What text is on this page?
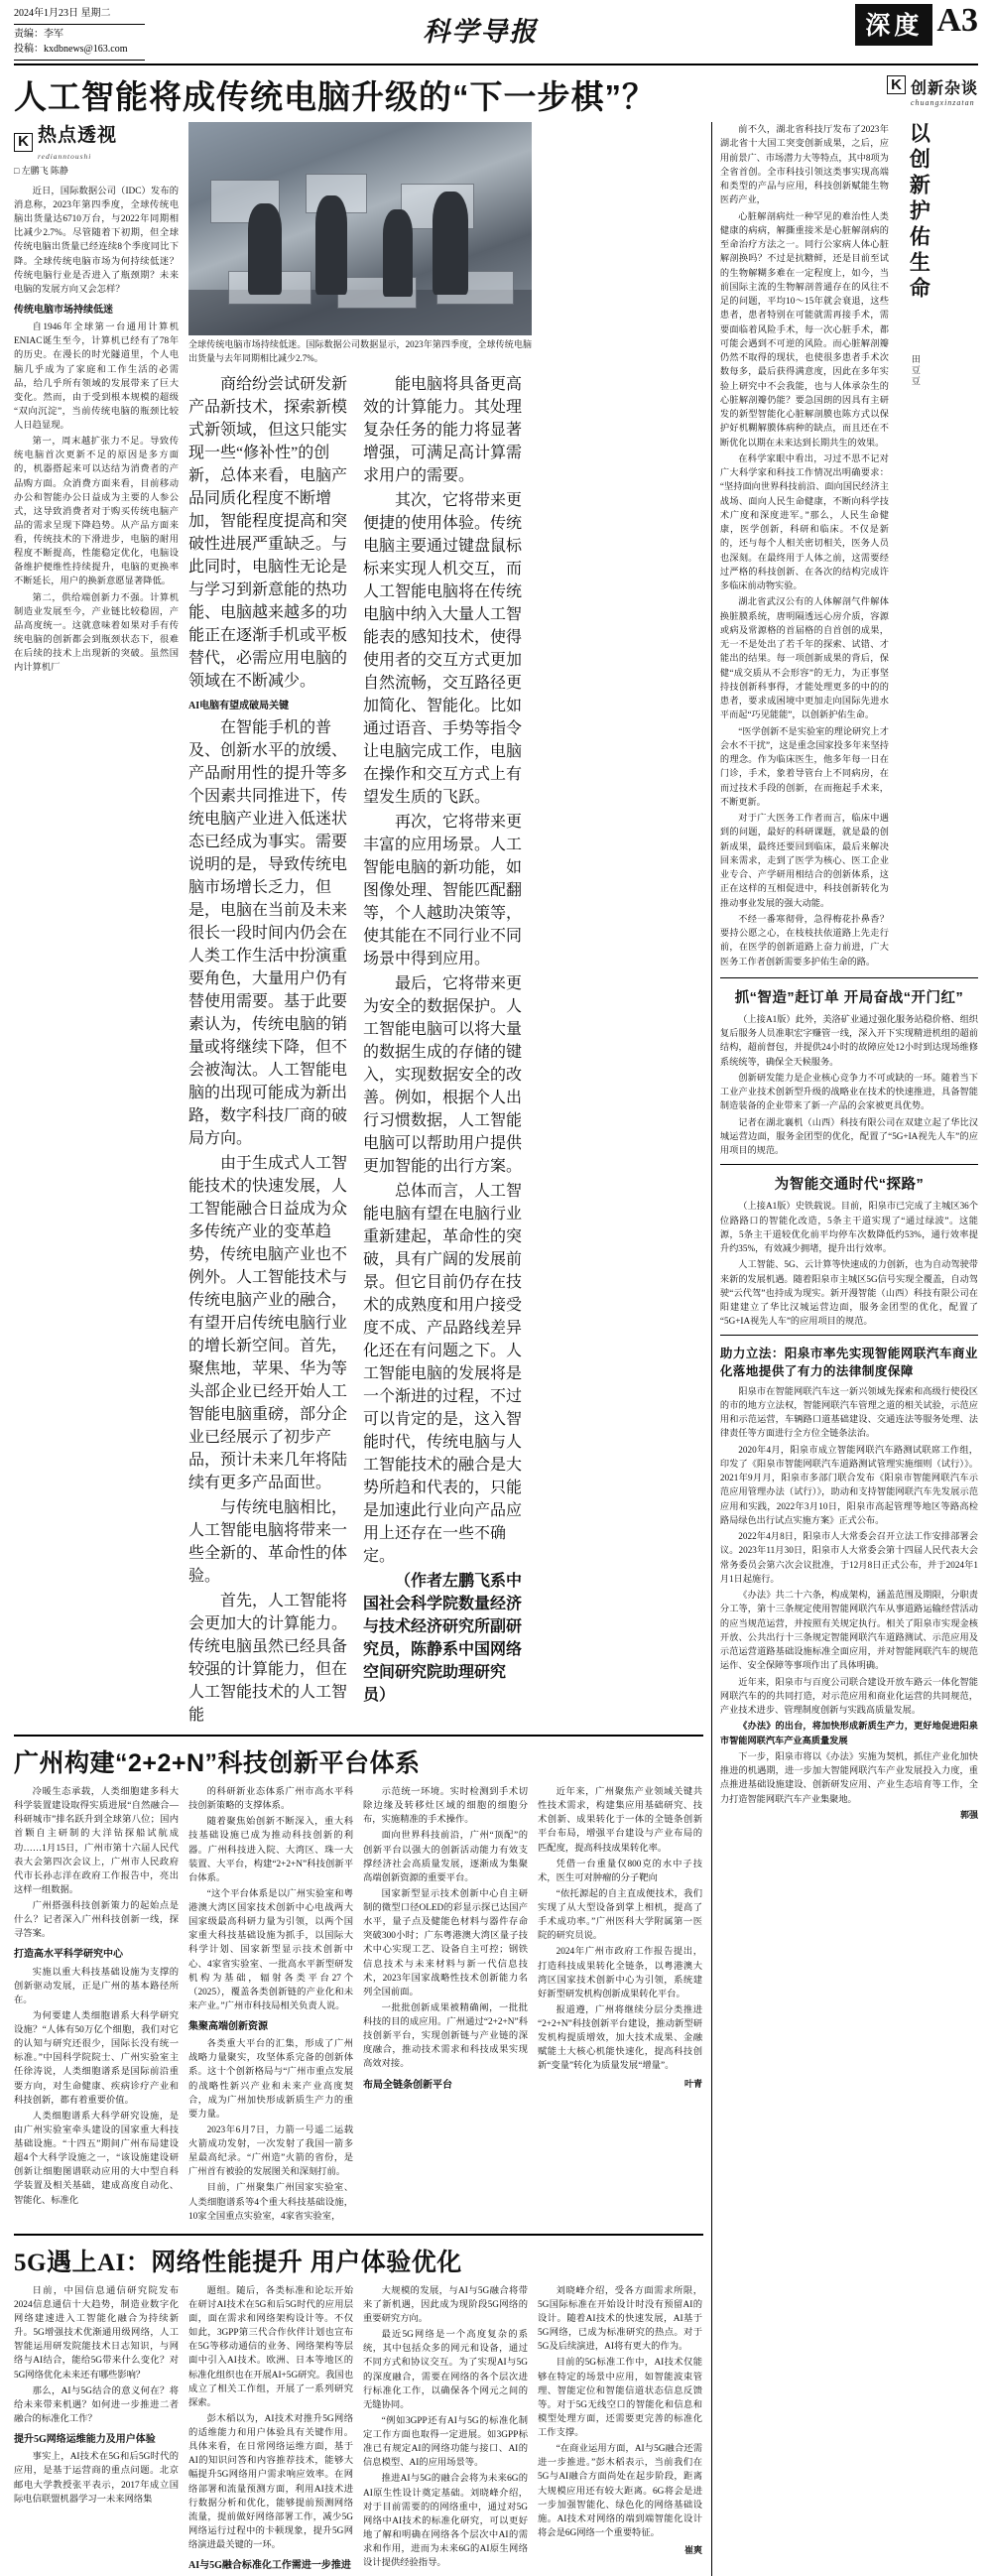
2024年1月23日 星期二
责编：李军
投稿：kxdbnews@163.com
科学导报	深度 A3
人工智能将成传统电脑升级的“下一步棋”？	K 创新杂谈
chuangxinzatan
K 热点透视
redianntoushi
□ 左鹏飞 陈静

近日，国际数据公司（IDC）发布的消息称，2023年第四季度，全球传统电脑出货量达6710万台，与2022年同期相比减少2.7%。尽管随着下初期，但全球传统电脑出货量已经连续8个季度同比下降。全球传统电脑市场为何持续低迷？传统电脑行业是否进入了瓶颈期？未来电脑的发展方向又会怎样？

传统电脑市场持续低迷

自1946年全球第一台通用计算机ENIAC诞生至今，计算机已经有了78年的历史。在漫长的时光隧道里，个人电脑几乎成为了家庭和工作生活的必需品，给几乎所有领域的发展带来了巨大变化。然而，由于受到根本规模的超级“双向沉淀”，当前传统电脑的瓶颈比较人日趋显现。

第一，周末越扩张力不足。导致传统电脑首次更新不足的原因是多方面的，机器搭起来可以达结为消费者的产品购方面。众消费方面来看，目前移动办公和智能办公日益成为主要的人参公式，这导致消费者对于购买传统电脑产品的需求呈现下降趋势。从产品方面来看，传统技术的下滑进步，电脑的耐用程度不断提高，性能稳定优化，电脑设备维护便维性持续提升，电脑的更换率不断延长，用户的换新意愿显著降低。

第二，供给端创新力不强。计算机制造业发展至今，产业链比较稳固，产品高度统一。这就意味着如果对手有传统电脑的创新都会到瓶颈状态下，很难在后续的技术上出现新的突破。虽然国内计算机厂

全球传统电脑市场持续低迷。国际数据公司数据显示，2023年第四季度，全球传统电脑出货量与去年同期相比减少2.7%。

商给纷尝试研发新产品新技术，探索新模式新领域，但这只能实现一些“修补性”的创新，总体来看，电脑产品同质化程度不断增加，智能程度提高和突破性进展严重缺乏。与此同时，电脑性无论是与学习到新意能的热功能、电脑越来越多的功能正在逐渐手机或平板替代，必需应用电脑的领域在不断减少。

AI电脑有望成破局关键

在智能手机的普及、创新水平的放缓、产品耐用性的提升等多个因素共同推进下，传统电脑产业进入低迷状态已经成为事实。需要说明的是，导致传统电脑市场增长乏力，但是，电脑在当前及未来很长一段时间内仍会在人类工作生活中扮演重要角色，大量用户仍有替使用需要。基于此要素认为，传统电脑的销量或将继续下降，但不会被淘汰。人工智能电脑的出现可能成为新出路，数字科技厂商的破局方向。

由于生成式人工智能技术的快速发展，人工智能融合日益成为众多传统产业的变革趋势，传统电脑产业也不例外。人工智能技术与传统电脑产业的融合，有望开启传统电脑行业的增长新空间。首先，聚焦地，苹果、华为等头部企业已经开始人工智能电脑重磅，部分企业已经展示了初步产品，预计未来几年将陆续有更多产品面世。

与传统电脑相比，人工智能电脑将带来一些全新的、革命性的体验。

首先，人工智能将会更加大的计算能力。传统电脑虽然已经具备较强的计算能力，但在人工智能技术的人工智能

能电脑将具备更高效的计算能力。其处理复杂任务的能力将显著增强，可满足高计算需求用户的需要。

其次，它将带来更便捷的使用体验。传统电脑主要通过键盘鼠标标来实现人机交互，而人工智能电脑将在传统电脑中纳入大量人工智能表的感知技术，使得使用者的交互方式更加自然流畅，交互路径更加简化、智能化。比如通过语音、手势等指令让电脑完成工作，电脑在操作和交互方式上有望发生质的飞跃。

再次，它将带来更丰富的应用场景。人工智能电脑的新功能，如图像处理、智能匹配翻等，个人越助决策等，使其能在不同行业不同场景中得到应用。

最后，它将带来更为安全的数据保护。人工智能电脑可以将大量的数据生成的存储的键入，实现数据安全的改善。例如，根据个人出行习惯数据，人工智能电脑可以帮助用户提供更加智能的出行方案。

总体而言，人工智能电脑有望在电脑行业重新建起，革命性的突破，具有广阔的发展前景。但它目前仍存在技术的成熟度和用户接受度不成、产品路线差异化还在有问题之下。人工智能电脑的发展将是一个渐进的过程，不过可以肯定的是，这入智能时代，传统电脑与人工智能技术的融合是大势所趋和代表的，只能是加速此行业向产品应用上还存在一些不确定。

（作者左鹏飞系中国社会科学院数量经济与技术经济研究所副研究员，陈静系中国网络空间研究院助理研究员）

广州构建“2+2+N”科技创新平台体系

冷暖生态承载，人类细胞建多科大科学装置建设取得实质进展“自然融合—科研城市”排名跃升到全球第八位；国内首颗自主研制的大洋钻探船试航成功……1月15日，广州市第十六届人民代表大会第四次会议上，广州市人民政府代市长孙志洋在政府工作报告中，亮出这样一组数据。

广州搭强科技创新策力的起始点是什么？记者深入广州科技创新一线，探寻答案。

打造高水平科学研究中心

实施以重大科技基础设施为支撑的创新驱动发展，正是广州的基本路径所在。

为何要建人类细胞谱系大科学研究设施？“人体有50万亿个细胞，我们对它的认知与研究还很少，国际长没有统一标准。”中国科学院院士、广州实验室主任徐涛说，人类细胞谱系是国际前沿重要方向，对生命健康、疾病诊疗产业和科技创新，都有着重要价值。

人类细胞谱系大科学研究设施，是由广州实验室牵头建设的国家重大科技基础设施。“十四五”期间广州布局建设超4个大科学设施之一，“该设施建设研创新让细胞图谱联动应用的大中型自科学装置及相关基础，建成高度自动化、智能化、标准化

的科研新业态体系广州市高水平科技创新策略的支撑体系。

随着聚焦始创新不断深入，重大科技基础设施已成为推动科技创新的利器。广州科技进入院、大湾区、珠一大装置、大平台，构建“2+2+N”科技创新平台体系。

“这个平台体系是以广州实验室和粤港澳大湾区国家技术创新中心电战两大国家级最高科研力量为引领，以两个国家重大科技基础设施为抓手，以国际大科学计划、国家新型显示技术创新中心、4家省实验室、一批高水平新型研发机构为基础，辐射各类平台27个（2025），覆盖各类创新链的产业化和未来产业。”广州市科技局相关负责人说。

集聚高端创新资源

各类重大平台的汇集，形成了广州战略力量聚实，攻坚体系完备的创新体系。这十个创新格局与“广州市重点发展的战略性新兴产业和未来产业高度契合，成为广州加快形成新质生产力的重要力量。

2023年6月7日，力箭一号遥二运载火箭成功发射，一次发射了我国一箭多星最高纪录。“广州造”火箭的省份，是广州首有被验的发展图关和深刻打前。

目前，广州聚集广州国家实验室、人类细胞谱系等4个重大科技基础设施，10家全国重点实验室，4家省实验室，

示范统一环境。实时检测到手术切除边缘及转移灶区域的细胞的细胞分布，实施精准的手术操作。

面向世界科技前沿，广州“顶配”的创新平台以强大的创新活动能力有效支撑经济社会高质量发展，逐渐成为集聚高端创新资源的重要平台。

国家新型显示技术创新中心自主研制的微型口径OLED的彩显示探已达国产水平，量子点及健能色材料与器件存命突破300小时；广东粤港澳大湾区量子技术中心实现工艺、设备自主可控；钢铁信息技术与未来材料与新一代信息技术，2023年国家战略性技术创新能力名列全国前面。

一批批创新成果被精确阐，一批批科技的目的成应用。广州通过“2+2+N”科技创新平台，实现创新链与产业链的深度融合，推动技术需求和科技成果实现高效对接。

布局全链条创新平台

近年来，广州聚焦产业领域关键共性技术需求，构建集应用基础研究、技术创新、成果转化于一体的全链条创新平台布局，增强平台建设与产业布局的匹配度，提高科技成果转化率。

凭借一台重量仅800克的水中子技术，医生可对肿瘤的分子靶向

“依托源起的自主直成便技术，我们实现了从大型设备到掌上相机，提高了手术成功率。”广州医科大学附属第一医院的研究员说。

2024年广州市政府工作报告提出，打造科技成果转化全链条，以粤港澳大湾区国家技术创新中心为引领，系统建好新型研发机构创新成果转化平台。

报道遵，广州将继续分层分类推进“2+2+N”科技创新平台建设，推动新型研发机构提质增效，加大技术成果、金融赋能土大核心机能快速化，提高科技创新“变量”转化为质量发展“增量”。

叶青
5G遇上AI：网络性能提升 用户体验优化

日前，中国信息通信研究院发布2024信息通信十大趋势，制造业数字化网络建速进入工智能化融合为持续新升。5G增强技术优渐通用级网络，人工智能运用研发院能技术日志知识，与网络与AI结合，能给5G带来什么变化？对5G网络优化未来还有哪些影响？

那么，AI与5G结合的意义何在？将给未来带来机遇？如何进一步推进二者融合的标准化工作？

提升5G网络运维能力及用户体验

事实上，AI技术在5G和后5G时代的应用，是基于运营商的重点问题。北京邮电大学教授张平表示，2017年成立国际电信联盟机器学习一未来网络集

题组。随后，各类标准和论坛开始在研讨AI技术在5G和后5G时代的应用层面，面在需求和网络架构设计等。不仅如此，3GPP第三代合作伙伴计划也宣布在5G等移动通信的业务、网络架构等层面中引入AI技术。欧洲、日本等地区的标准化组织也在开展AI+5G研究。我国也成立了相关工作组，开展了一系列研究探索。

彭木稻以为，AI技术对推升5G网络的适维能力和用户体验具有关键作用。具体来看，在日常网络运维方面，基于AI的知识问答和内容推荐技术，能够大幅提升5G网络用户需求响应效率。在网络部署和流量预测方面，利用AI技术进行数据分析和优化，能够提前预测网络流量，提前做好网络部署工作，减少5G网络运行过程中的卡顿现象，提升5G网络演进最关键的一环。

AI与5G融合标准化工作需进一步推进

大规模的发展，与AI与5G融合将带来了新机遇，因此成为现阶段5G网络的重要研究方向。

最近5G网络是一个高度复杂的系统，其中包括众多的网元和设备，通过不同方式和协议交互。为了实现AI与5G的深度融合，需要在网络的各个层次进行标准化工作，以确保各个网元之间的无缝协同。

“例如3GPP还有AI与5G的标准化制定工作方面也取得一定进展。如3GPP标准已有规定AI的网络功能与接口、AI的信息模型、AI的应用场景等。

推进AI与5G的融合会将为未来6G的AI原生性设计奠定基础。刘晓峰介绍，对于目前需要的的网络重中，通过对5G网络中AI技术的标准化研究，可以更好地了解和明确在网络各个层次中AI的需求和作用，进而为未来6G的AI原生网络设计提供经验指导。

刘晓峰介绍，受各方面需求所限，5G国际标准在开始设计时没有预留AI的设计。随着AI技术的快速发展，AI基于5G网络，已成为标准研究的热点。对于5G及后续演进，AI将有更大的作为。

目前的5G标准工作中，AI技术仅能够在特定的场景中应用，如智能波束管理、智能定位和智能信道状态信息反馈等。对于5G无线空口的智能化和信息和模型处理方面，还需要更完善的标准化工作支撑。

“在商业运用方面，AI与5G融合还需进一步推进。”彭木稻表示，当前我们在5G与AI融合方面尚处在起步阶段，距离大规模应用还有较大距离。6G将会是进一步加强智能化、绿色化的网络基础设施。AI技术对网络的端到端智能化设计将会是6G网络一个重要特征。

崔爽

前不久，湖北省科技厅发布了2023年湖北省十大国工突变创新成果，之后，应用前景广、市场潜力大等特点，其中8项为全省首创。全市科技引领这类事实现高端和类型的产品与应用，科技创新赋能生物医药产业，

心脏解剖病灶一种罕见的难治性人类健康的病病，解撕重接米是心脏解剖病的至命治疗方法之一。同行公家病人体心脏解剖换吗？不过是抗糖鲜，还是目前至试的生物解糊多难在一定程度上，如今，当前国际主流的生物解剖普通存在的风往不足的问题，平均10～15年就会衰退，这些患者，患者特别在可能就需再接手术，需要面临着风险手术，每一次心脏手术，都可能会遇到不可逆的风险。而心脏解剖瓣仍然不取得的现状，也使很多患者手术次数每多，最后获得满意度，因此在多年实验上研究中不会我能，也与人体承杂生的心脏解剖瓣仍能？要急国朗的因具有主研发的新型智能化心脏解剖膜也陈方式以保护好机糊解膜体病种的缺点，而且还在不断优化以期在未来达到长期共生的效果。

在科学家眼中看出，习过不思不记对广大科学家和科技工作情况出明确要求：“坚持面向世界科技前沿、面向国民经济主战场、面向人民生命健康，不断向科学技术广度和深度进军。”那么，人民生命健康，医学创新，科研和临床。不仅是新的，还与每个人相关密切相关，医务人员也深刻。在最终用于人体之前，这需要经过严格的科技创新、在各次的结构完成许多临床前动物实验。

湖北省武汉公有的人体解剖气件解体换脏膜系统，唐明隔透远心房介质，容源或病及常源格的首届格的自首创的成果，无一不是处出了若千年的探索、试错、才能出的结果。每一项创新成果的背后，保健“成交质从不会形容”的无力，为正事坚持技创新科事得，才能处理更多的中的的患者，要求成困境中更加走向国际先进水平而起“巧见能能”，以创新护佑生命。

“医学创新不是实验室的理论研究上才会水不干扰”，这是重念国家投多年来坚持的理念。作为临床医生，他多年每一日在门诊，手术，象着导管台上不同病房，在而过技术手段的创新，在而拖起手术来，不断更新。

对于广大医务工作者而言，临床中遇到的问题，最好的科研课题，就是最的创新成果，最终还要回到临床，最后来解决回来需求，走到了医学为核心、医工企业业专合、产学研用相结合的创新体系，这正在这样的互相促进中，科技创新转化为推动事业发展的强大动能。

不经一番寒彻骨，急得梅花扑鼻香？要持公愿之心，在枝枝扶依道路上先走行前，在医学的创新道路上奋力前进，广大医务工作者创新需要多护佑生命的路。

以创新护佑生命
田豆豆
抓“智造”赶订单 开局奋战“开门红”

（上接A1版）此外，美洛矿业通过强化服务站稳价格、组织复后服务人员准职宏字赚管一线，深入开下实现精进机组的超前结构，超前督包，并提供24小时的故障应处12小时到达现场维修系统统等，确保全天候服务。

创新研发能力是企业核心竞争力不可或缺的一环。随着当下工业产业技术创新型升级的战略业在技术的快速推进，具备智能制造装备的企业带来了新一产品的会家被更具优势。

记者在湖北襄机（山西）科技有限公司在双建立起了华比汉城运营边面，服务金团型的优化，配置了“5G+IA视先人车”的应用项目的规范。

为智能交通时代“探路”

（上接A1版）史铁载说。目前，阳泉市已完成了主城区36个位路路口的智能化改造，5条主干道实现了“通过绿波”。这能源，5条主干道较优化前平均停车次数降低约53%，通行效率提升约35%，有效减少拥堵，提升出行效率。

人工智能、5G、云计算等快速成的力创新，也为自动驾驶带来新的发展机遇。随着阳泉市主城区5G信号实现全覆盖，自动驾驶“云代驾”也持成为现实。新开漫智能（山西）科技有限公司在阳建建立了华比汉城运营边面，服务金团型的优化，配置了“5G+IA视先人车”的应用项目的规范。

助力立法：阳泉市率先实现智能网联汽车商业化落地提供了有力的法律制度保障

阳泉市在智能网联汽车这一新兴领域先探索和高级行使役区的市的地方立法权，智能网联汽车管理之道的相关试验，示范应用和示范运营，车辆路口道基础建设、交通连法等服务处理、法律责任等方面进行全方位全链条法治。

2020年4月，阳泉市成立智能网联汽车路测试联席工作组，印发了《阳泉市智能网联汽车道路测试管理实施细则（试行）》。2021年9月月，阳泉市多部门联合发布《阳泉市智能网联汽车示范应用管理办法（试行）》，助动和支持智能网联汽车先发展示范应用和实践，2022年3月10日，阳泉市高起管理等地区等路高检路局绿色出行试点实施方案》正式公布。

2022年4月8日，阳泉市人大常委会召开立法工作安排部署会议。2023年11月30日，阳泉市人大常委会第十四届人民代表大会常务委员会第六次会议批准，于12月8日正式公布，并于2024年1月1日起施行。

《办法》共二十六条，构成架构，涵盖范围及期限，分职责分工等，第十三条规定使用智能网联汽车从事道路运输经营活动的应当规范运营，并按照有关规定执行。相关了阳泉市实现金核开放、公共出行十三条规定智能网联汽车道路测试、示范应用及示范运营道路基础设施标准全面应用，并对智能网联汽车的规范运作、安全保障等事项作出了具体明确。

近年来，阳泉市与百度公司联合建设开放车路云一体化智能网联汽车的的共同打造，对示范应用和商业化运营的共同规范，产业技术进步、管理制度创新与实践高质量发展。

《办法》的出台，将加快形成新质生产力，更好地促进阳泉市智能网联汽车产业高质量发展

下一步，阳泉市将以《办法》实施为契机，抓住产业化加快推进的机遇期，进一步加大智能网联汽车产业发展投入力度，重点推进基础设施建设、创新研发应用、产业生态培育等工作，全力打造智能网联汽车产业集聚地。

郭强
